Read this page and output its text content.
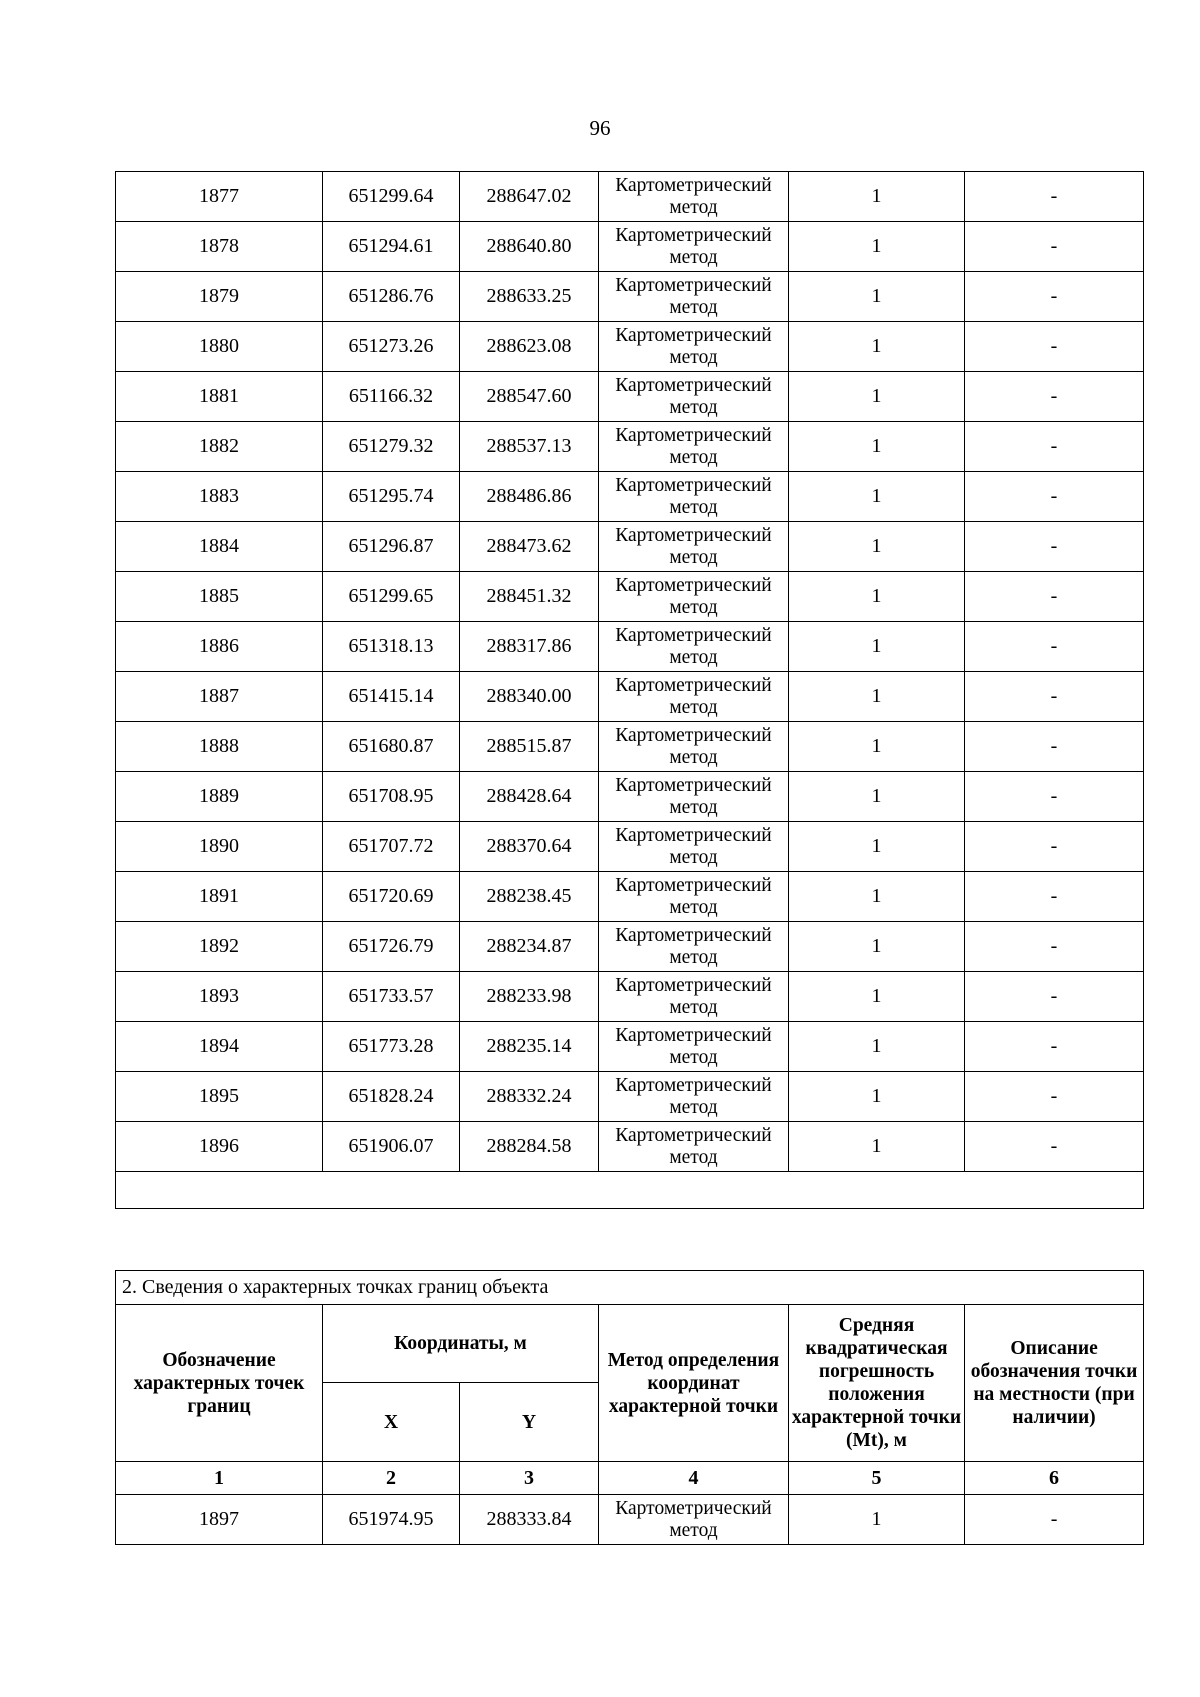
96
1877	651299.64	288647.02	Картометрический метод	1	-
1878	651294.61	288640.80	Картометрический метод	1	-
1879	651286.76	288633.25	Картометрический метод	1	-
1880	651273.26	288623.08	Картометрический метод	1	-
1881	651166.32	288547.60	Картометрический метод	1	-
1882	651279.32	288537.13	Картометрический метод	1	-
1883	651295.74	288486.86	Картометрический метод	1	-
1884	651296.87	288473.62	Картометрический метод	1	-
1885	651299.65	288451.32	Картометрический метод	1	-
1886	651318.13	288317.86	Картометрический метод	1	-
1887	651415.14	288340.00	Картометрический метод	1	-
1888	651680.87	288515.87	Картометрический метод	1	-
1889	651708.95	288428.64	Картометрический метод	1	-
1890	651707.72	288370.64	Картометрический метод	1	-
1891	651720.69	288238.45	Картометрический метод	1	-
1892	651726.79	288234.87	Картометрический метод	1	-
1893	651733.57	288233.98	Картометрический метод	1	-
1894	651773.28	288235.14	Картометрический метод	1	-
1895	651828.24	288332.24	Картометрический метод	1	-
1896	651906.07	288284.58	Картометрический метод	1	-

2. Сведения о характерных точках границ объекта					
Обозначение характерных точек границ	Координаты, м		Метод определения координат характерной точки	Средняя квадратическая погрешность положения характерной точки (Mt), м	Описание обозначения точки на местности (при наличии)
	X	Y			
1	2	3	4	5	6
1897	651974.95	288333.84	Картометрический метод	1	-
